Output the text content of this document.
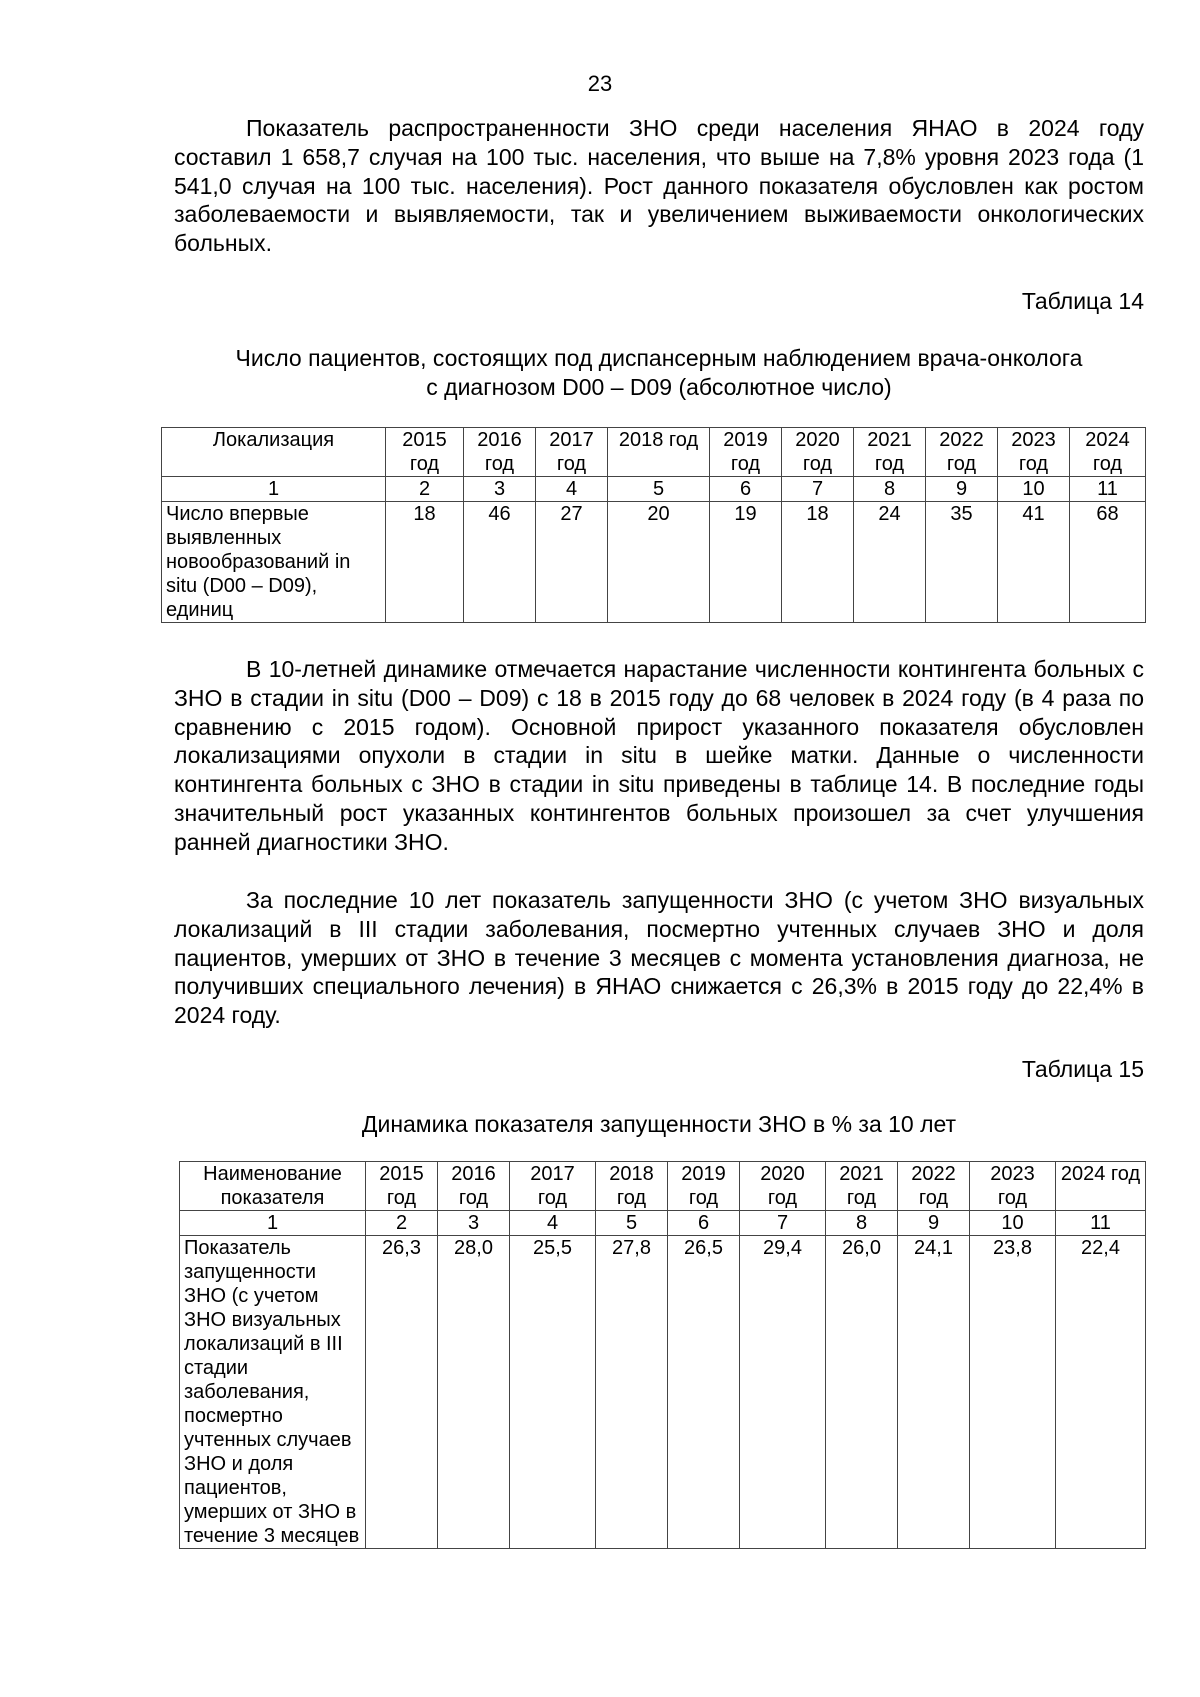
23

Показатель распространенности ЗНО среди населения ЯНАО в 2024 году составил 1 658,7 случая на 100 тыс. населения, что выше на 7,8% уровня 2023 года (1 541,0 случая на 100 тыс. населения). Рост данного показателя обусловлен как ростом заболеваемости и выявляемости, так и увеличением выживаемости онкологических больных.

Таблица 14

Число пациентов, состоящих под диспансерным наблюдением врача-онколога
с диагнозом D00 – D09 (абсолютное число)

Локализация	2015 год	2016 год	2017 год	2018 год	2019 год	2020 год	2021 год	2022 год	2023 год	2024 год
1	2	3	4	5	6	7	8	9	10	11
Число впервые выявленных новообразований in situ (D00 – D09), единиц	18	46	27	20	19	18	24	35	41	68

В 10-летней динамике отмечается нарастание численности контингента больных с ЗНО в стадии in situ (D00 – D09) с 18 в 2015 году до 68 человек в 2024 году (в 4 раза по сравнению с 2015 годом). Основной прирост указанного показателя обусловлен локализациями опухоли в стадии in situ в шейке матки. Данные о численности контингента больных с ЗНО в стадии in situ приведены в таблице 14. В последние годы значительный рост указанных контингентов больных произошел за счет улучшения ранней диагностики ЗНО.

За последние 10 лет показатель запущенности ЗНО (с учетом ЗНО визуальных локализаций в III стадии заболевания, посмертно учтенных случаев ЗНО и доля пациентов, умерших от ЗНО в течение 3 месяцев с момента установления диагноза, не получивших специального лечения) в ЯНАО снижается с 26,3% в 2015 году до 22,4% в 2024 году.

Таблица 15

Динамика показателя запущенности ЗНО в % за 10 лет

Наименование показателя	2015 год	2016 год	2017 год	2018 год	2019 год	2020 год	2021 год	2022 год	2023 год	2024 год
1	2	3	4	5	6	7	8	9	10	11
Показатель запущенности ЗНО (с учетом ЗНО визуальных локализаций в III стадии заболевания, посмертно учтенных случаев ЗНО и доля пациентов, умерших от ЗНО в течение 3 месяцев	26,3	28,0	25,5	27,8	26,5	29,4	26,0	24,1	23,8	22,4
